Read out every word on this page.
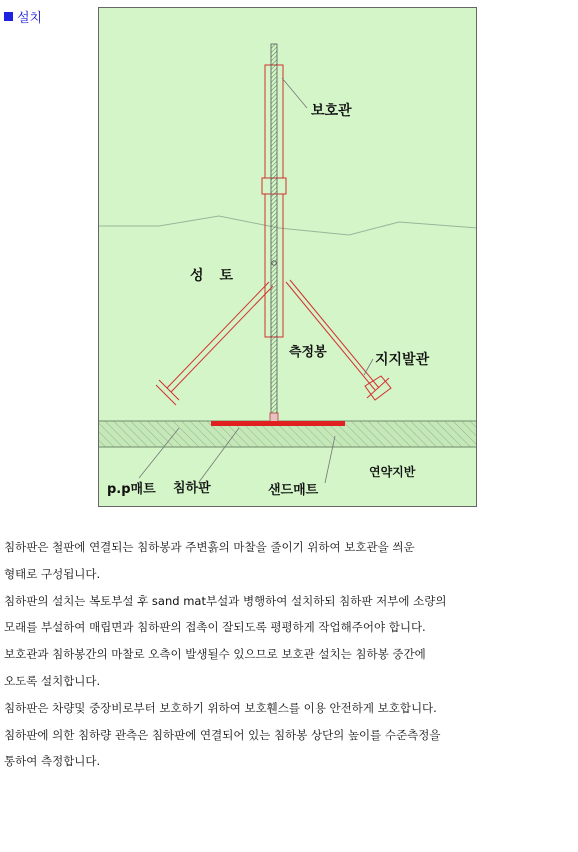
설치
보호관
성토
측정봉	지지발관
연약지반
p.p매트 침하판	샌드매트

침하판은 철판에 연결되는 침하봉과 주변흙의 마찰을 줄이기 위하여 보호관을 씌운

형태로 구성됩니다.

침하판의 설치는 복토부설 후 sand mat부설과 병행하여 설치하되 침하판 저부에 소량의

모래를 부설하여 매립면과 침하판의 접촉이 잘되도록 평평하게 작업해주어야 합니다.

보호관과 침하봉간의 마찰로 오측이 발생될수 있으므로 보호관 설치는 침하봉 중간에

오도록 설치합니다.

침하판은 차량및 중장비로부터 보호하기 위하여 보호휀스를 이용 안전하게 보호합니다.

침하판에 의한 침하량 관측은 침하판에 연결되어 있는 침하봉 상단의 높이를 수준측정을

통하여 측정합니다.
